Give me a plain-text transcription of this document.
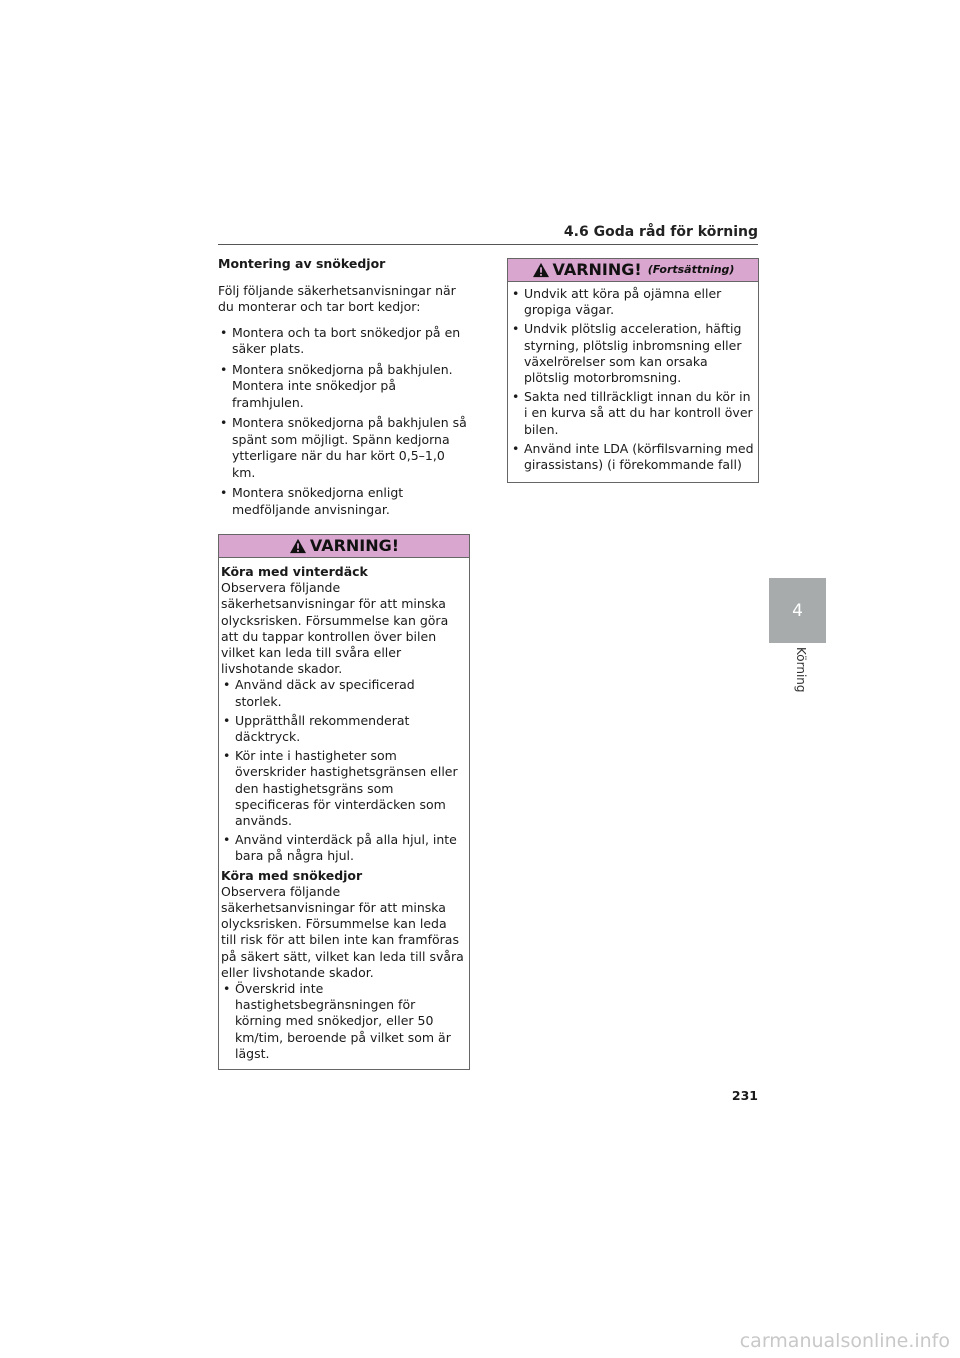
4.6 Goda råd för körning
Montering av snökedjor

Följ följande säkerhetsanvisningar när du monterar och tar bort kedjor:

• Montera och ta bort snökedjor på en säker plats.
• Montera snökedjorna på bakhjulen. Montera inte snökedjor på framhjulen.
• Montera snökedjorna på bakhjulen så spänt som möjligt. Spänn kedjorna ytterligare när du har kört 0,5–1,0 km.
• Montera snökedjorna enligt medföljande anvisningar.
VARNING!

Köra med vinterdäck

Observera följande säkerhetsanvisningar för att minska olycksrisken. Försummelse kan göra att du tappar kontrollen över bilen vilket kan leda till svåra eller livshotande skador.

• Använd däck av specificerad storlek.
• Upprätthåll rekommenderat däcktryck.
• Kör inte i hastigheter som överskrider hastighetsgränsen eller den hastighetsgräns som specificeras för vinterdäcken som används.
• Använd vinterdäck på alla hjul, inte bara på några hjul.

Köra med snökedjor

Observera följande säkerhetsanvisningar för att minska olycksrisken. Försummelse kan leda till risk för att bilen inte kan framföras på säkert sätt, vilket kan leda till svåra eller livshotande skador.

• Överskrid inte hastighetsbegränsningen för körning med snökedjor, eller 50 km/tim, beroende på vilket som är lägst.
VARNING! (Fortsättning)
• Undvik att köra på ojämna eller gropiga vägar.
• Undvik plötslig acceleration, häftig styrning, plötslig inbromsning eller växelrörelser som kan orsaka plötslig motorbromsning.
• Sakta ned tillräckligt innan du kör in i en kurva så att du har kontroll över bilen.
• Använd inte LDA (körfilsvarning med girassistans) (i förekommande fall)
4
Körning
231
carmanualsonline.info
